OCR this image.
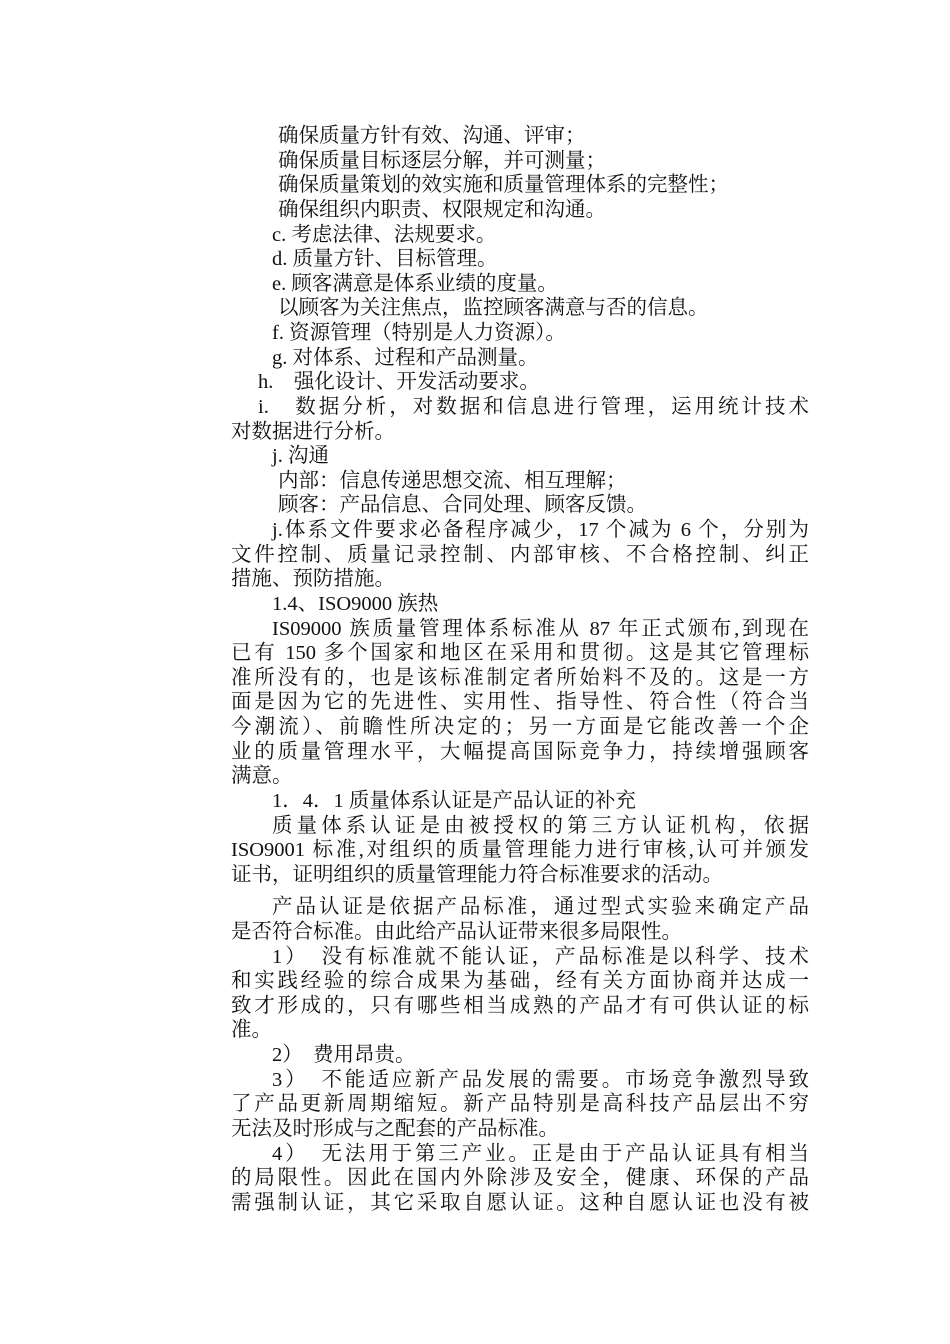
确保质量方针有效、沟通、评审；
确保质量目标逐层分解，并可测量；
确保质量策划的效实施和质量管理体系的完整性；
确保组织内职责、权限规定和沟通。
c. 考虑法律、法规要求。
d. 质量方针、目标管理。
e. 顾客满意是体系业绩的度量。
以顾客为关注焦点，监控顾客满意与否的信息。
f. 资源管理（特别是人力资源）。
g. 对体系、过程和产品测量。
h.　强化设计、开发活动要求。
i.　数据分析，对数据和信息进行管理，运用统计技术
对数据进行分析。
j. 沟通
内部：信息传递思想交流、相互理解；
顾客：产品信息、合同处理、顾客反馈。
j.体系文件要求必备程序减少，17 个减为 6 个，分别为
文件控制、质量记录控制、内部审核、不合格控制、纠正
措施、预防措施。
1.4、ISO9000 族热
IS09000 族质量管理体系标准从 87 年正式颁布,到现在
已有 150 多个国家和地区在采用和贯彻。这是其它管理标
准所没有的，也是该标准制定者所始料不及的。这是一方
面是因为它的先进性、实用性、指导性、符合性（符合当
今潮流）、前瞻性所决定的；另一方面是它能改善一个企
业的质量管理水平，大幅提高国际竞争力，持续增强顾客
满意。
1．4．1 质量体系认证是产品认证的补充
质量体系认证是由被授权的第三方认证机构，依据
ISO9001 标准,对组织的质量管理能力进行审核,认可并颁发
证书，证明组织的质量管理能力符合标准要求的活动。
产品认证是依据产品标准，通过型式实验来确定产品
是否符合标准。由此给产品认证带来很多局限性。
1）　没有标准就不能认证，产品标准是以科学、技术
和实践经验的综合成果为基础，经有关方面协商并达成一
致才形成的，只有哪些相当成熟的产品才有可供认证的标
准。
2）　费用昂贵。
3）　不能适应新产品发展的需要。市场竞争激烈导致
了产品更新周期缩短。新产品特别是高科技产品层出不穷
无法及时形成与之配套的产品标准。
4）　无法用于第三产业。正是由于产品认证具有相当
的局限性。因此在国内外除涉及安全，健康、环保的产品
需强制认证，其它采取自愿认证。这种自愿认证也没有被
